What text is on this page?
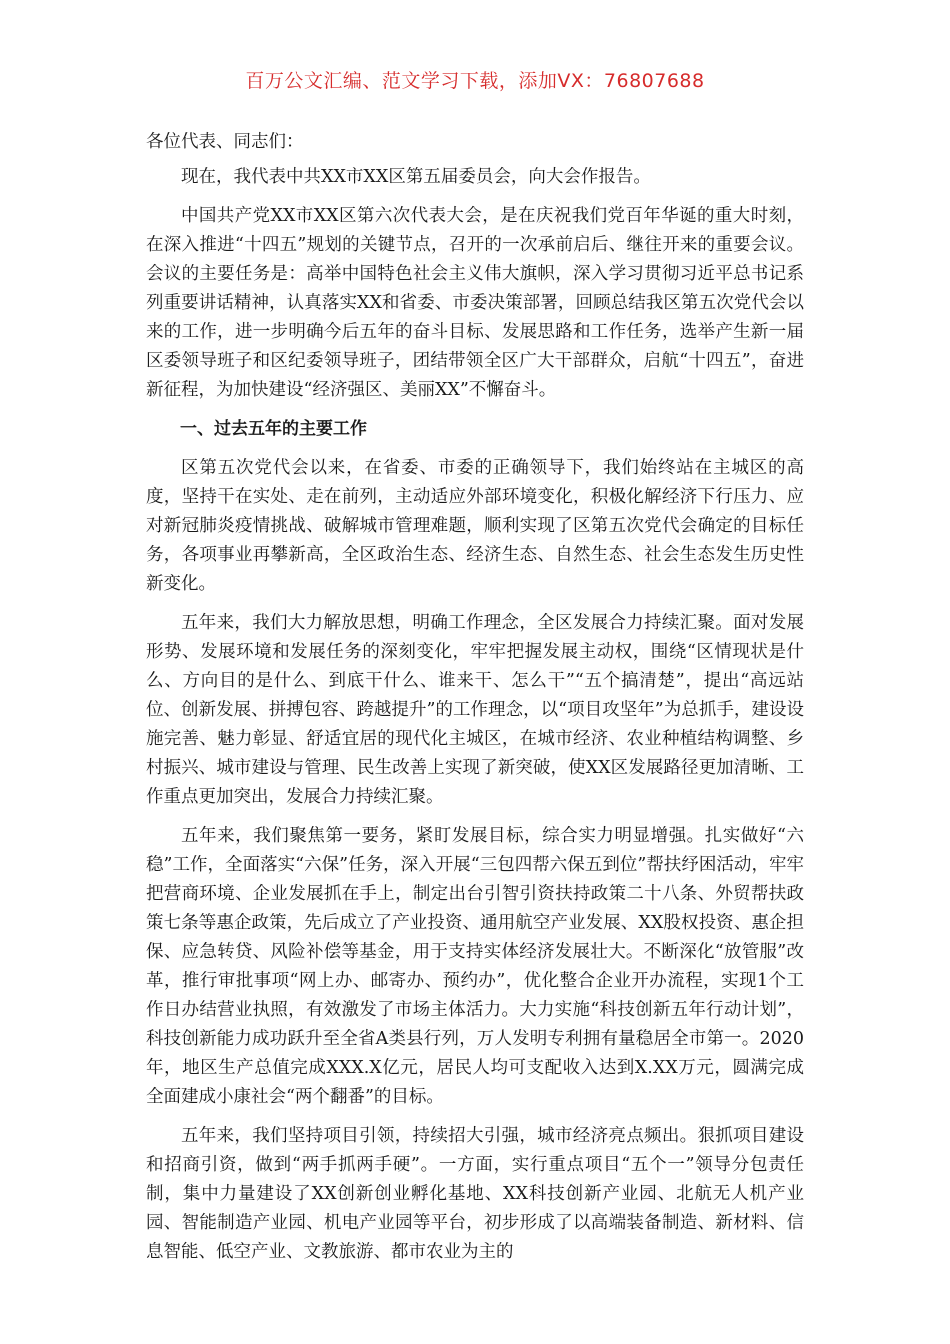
百万公文汇编、范文学习下载，添加VX：76807688

各位代表、同志们：

现在，我代表中共XX市XX区第五届委员会，向大会作报告。

中国共产党XX市XX区第六次代表大会，是在庆祝我们党百年华诞的重大时刻，在深入推进“十四五”规划的关键节点，召开的一次承前启后、继往开来的重要会议。会议的主要任务是：高举中国特色社会主义伟大旗帜，深入学习贯彻习近平总书记系列重要讲话精神，认真落实XX和省委、市委决策部署，回顾总结我区第五次党代会以来的工作，进一步明确今后五年的奋斗目标、发展思路和工作任务，选举产生新一届区委领导班子和区纪委领导班子，团结带领全区广大干部群众，启航“十四五”，奋进新征程，为加快建设“经济强区、美丽XX”不懈奋斗。

一、过去五年的主要工作

区第五次党代会以来，在省委、市委的正确领导下，我们始终站在主城区的高度，坚持干在实处、走在前列，主动适应外部环境变化，积极化解经济下行压力、应对新冠肺炎疫情挑战、破解城市管理难题，顺利实现了区第五次党代会确定的目标任务，各项事业再攀新高，全区政治生态、经济生态、自然生态、社会生态发生历史性新变化。

五年来，我们大力解放思想，明确工作理念，全区发展合力持续汇聚。面对发展形势、发展环境和发展任务的深刻变化，牢牢把握发展主动权，围绕“区情现状是什么、方向目的是什么、到底干什么、谁来干、怎么干”“五个搞清楚”，提出“高远站位、创新发展、拼搏包容、跨越提升”的工作理念，以“项目攻坚年”为总抓手，建设设施完善、魅力彰显、舒适宜居的现代化主城区，在城市经济、农业种植结构调整、乡村振兴、城市建设与管理、民生改善上实现了新突破，使XX区发展路径更加清晰、工作重点更加突出，发展合力持续汇聚。

五年来，我们聚焦第一要务，紧盯发展目标，综合实力明显增强。扎实做好“六稳”工作，全面落实“六保”任务，深入开展“三包四帮六保五到位”帮扶纾困活动，牢牢把营商环境、企业发展抓在手上，制定出台引智引资扶持政策二十八条、外贸帮扶政策七条等惠企政策，先后成立了产业投资、通用航空产业发展、XX股权投资、惠企担保、应急转贷、风险补偿等基金，用于支持实体经济发展壮大。不断深化“放管服”改革，推行审批事项“网上办、邮寄办、预约办”，优化整合企业开办流程，实现1个工作日办结营业执照，有效激发了市场主体活力。大力实施“科技创新五年行动计划”，科技创新能力成功跃升至全省A类县行列，万人发明专利拥有量稳居全市第一。2020年，地区生产总值完成XXX.X亿元，居民人均可支配收入达到X.XX万元，圆满完成全面建成小康社会“两个翻番”的目标。

五年来，我们坚持项目引领，持续招大引强，城市经济亮点频出。狠抓项目建设和招商引资，做到“两手抓两手硬”。一方面，实行重点项目“五个一”领导分包责任制，集中力量建设了XX创新创业孵化基地、XX科技创新产业园、北航无人机产业园、智能制造产业园、机电产业园等平台，初步形成了以高端装备制造、新材料、信息智能、低空产业、文教旅游、都市农业为主的
